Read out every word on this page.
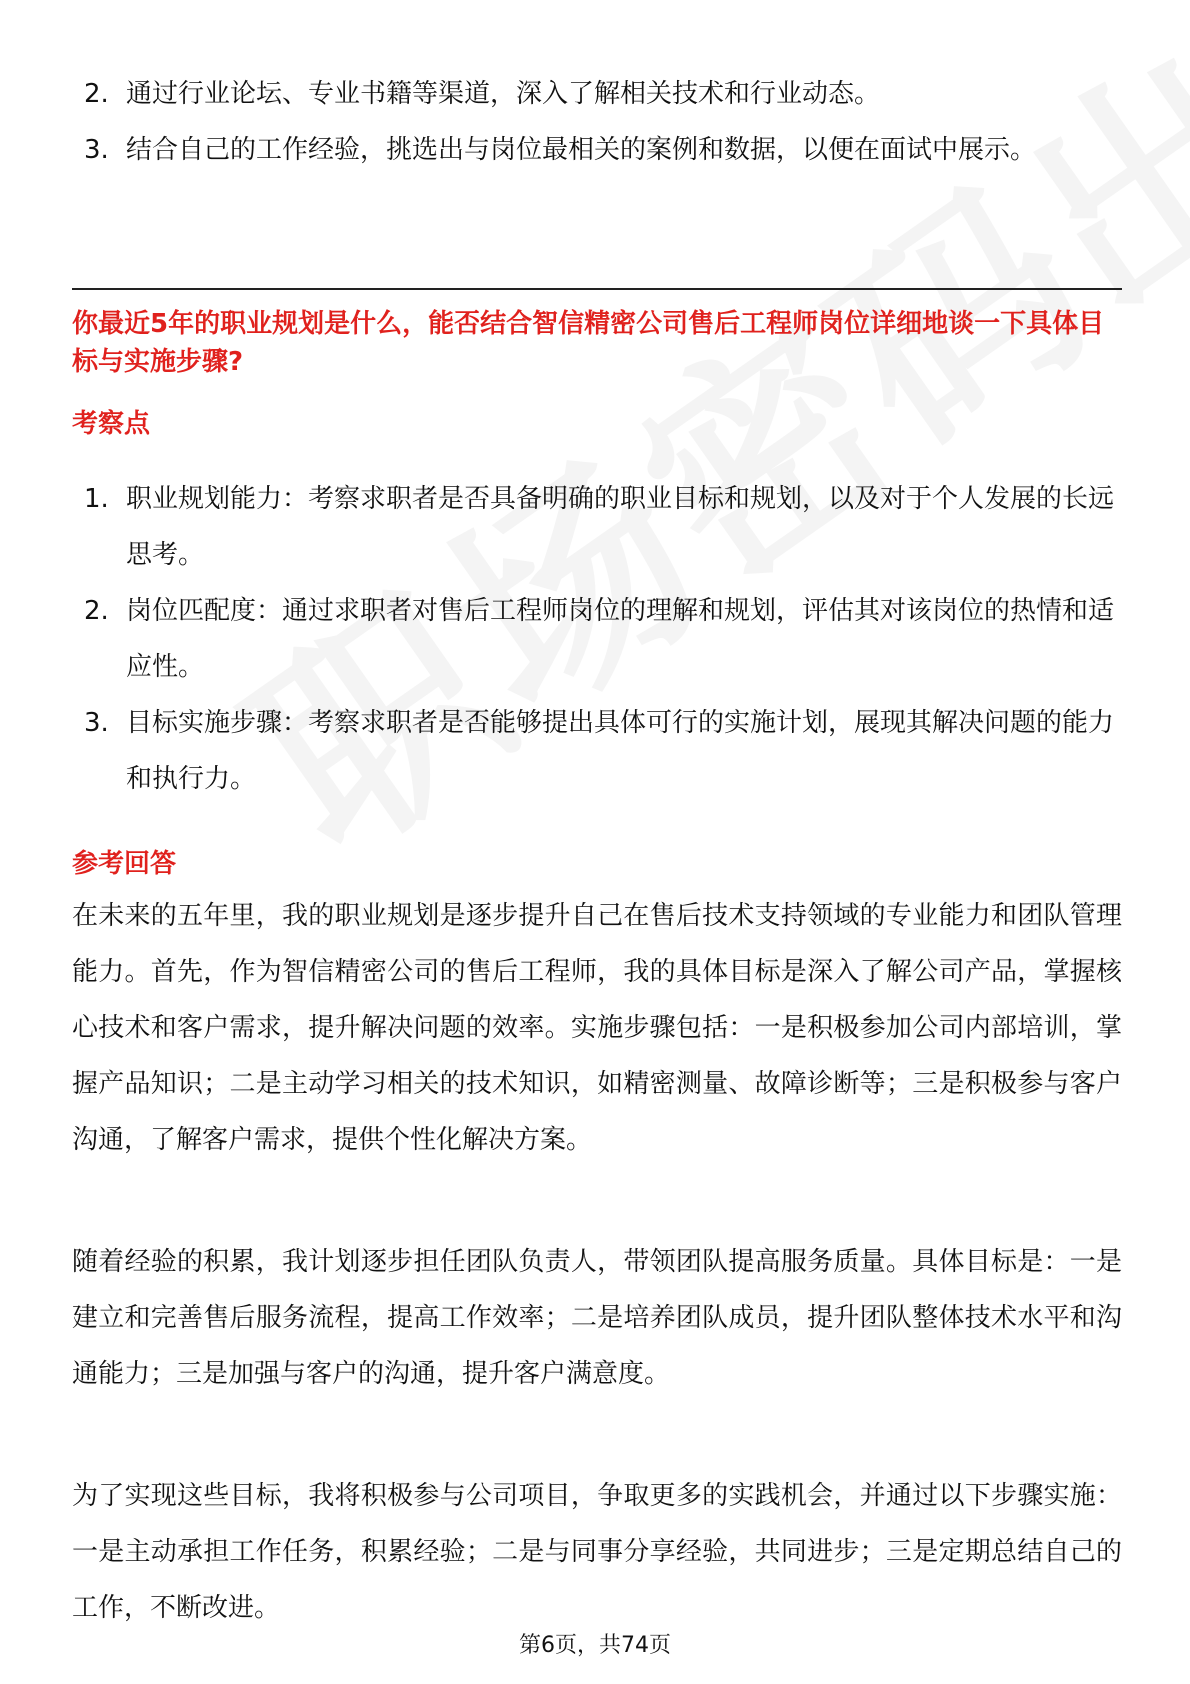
2. 通过行业论坛、专业书籍等渠道，深入了解相关技术和行业动态。
3. 结合自己的工作经验，挑选出与岗位最相关的案例和数据，以便在面试中展示。
你最近5年的职业规划是什么，能否结合智信精密公司售后工程师岗位详细地谈一下具体目标与实施步骤?
考察点
1. 职业规划能力：考察求职者是否具备明确的职业目标和规划，以及对于个人发展的长远思考。
2. 岗位匹配度：通过求职者对售后工程师岗位的理解和规划，评估其对该岗位的热情和适应性。
3. 目标实施步骤：考察求职者是否能够提出具体可行的实施计划，展现其解决问题的能力和执行力。
参考回答

在未来的五年里，我的职业规划是逐步提升自己在售后技术支持领域的专业能力和团队管理能力。首先，作为智信精密公司的售后工程师，我的具体目标是深入了解公司产品，掌握核心技术和客户需求，提升解决问题的效率。实施步骤包括：一是积极参加公司内部培训，掌握产品知识；二是主动学习相关的技术知识，如精密测量、故障诊断等；三是积极参与客户沟通，了解客户需求，提供个性化解决方案。

随着经验的积累，我计划逐步担任团队负责人，带领团队提高服务质量。具体目标是：一是建立和完善售后服务流程，提高工作效率；二是培养团队成员，提升团队整体技术水平和沟通能力；三是加强与客户的沟通，提升客户满意度。

为了实现这些目标，我将积极参与公司项目，争取更多的实践机会，并通过以下步骤实施：一是主动承担工作任务，积累经验；二是与同事分享经验，共同进步；三是定期总结自己的工作，不断改进。

第6页，共74页
